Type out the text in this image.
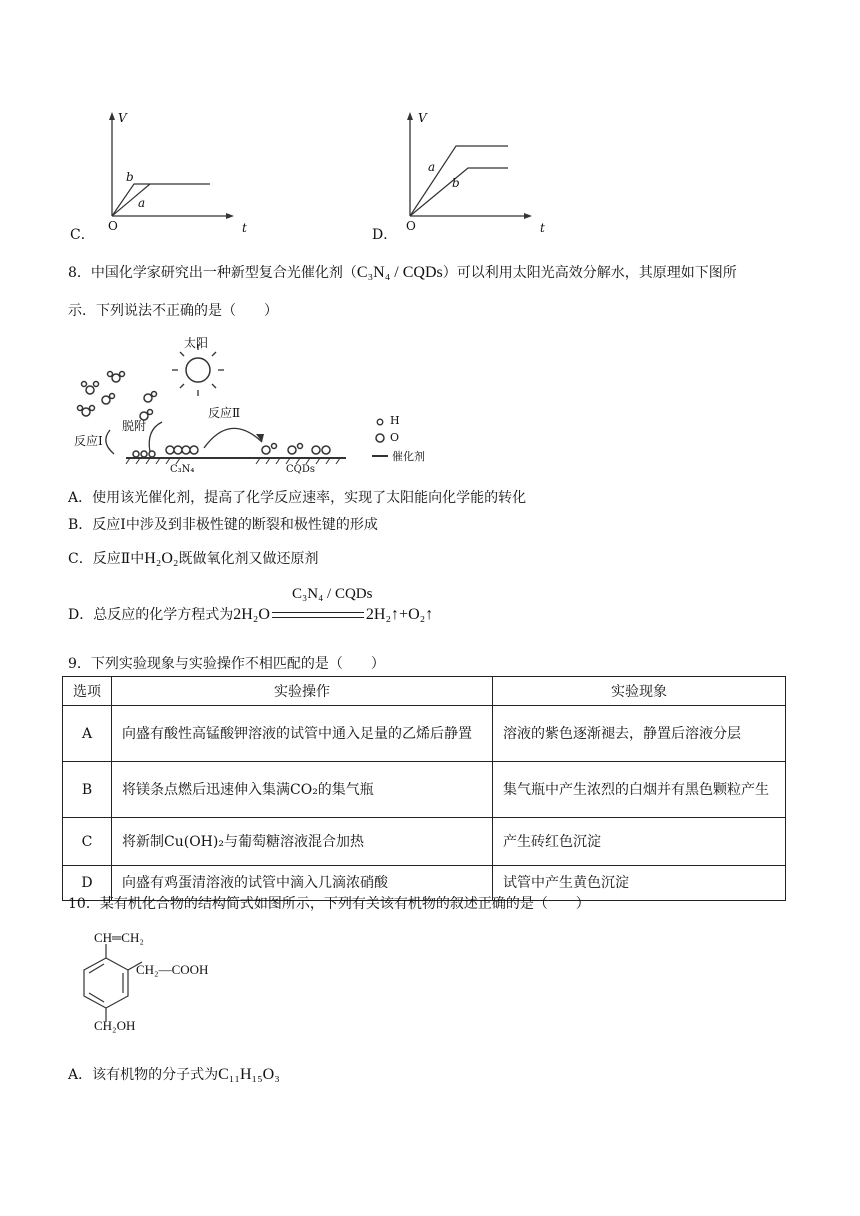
V
t
O
b
a
C．
V
t
O
a
b
D．
8．中国化学家研究出一种新型复合光催化剂（C₃N₄ / CQDs）可以利用太阳光高效分解水，其原理如下图所
示．下列说法不正确的是（　　）
太阳
脱附
反应Ⅰ
反应Ⅱ
C₃N₄	CQDs
H
O
催化剂
A．使用该光催化剂，提高了化学反应速率，实现了太阳能向化学能的转化
B．反应Ⅰ中涉及到非极性键的断裂和极性键的形成
C．反应Ⅱ中H₂O₂既做氧化剂又做还原剂
D．总反应的化学方程式为2H₂O	2H₂↑+O₂↑
C₃N₄ / CQDs
9．下列实验现象与实验操作不相匹配的是（　　）
选项	实验操作	实验现象
A	向盛有酸性高锰酸钾溶液的试管中通入足量的乙烯后静置	溶液的紫色逐渐褪去，静置后溶液分层
B	将镁条点燃后迅速伸入集满CO₂的集气瓶	集气瓶中产生浓烈的白烟并有黑色颗粒产生
C	将新制Cu(OH)₂与葡萄糖溶液混合加热	产生砖红色沉淀
D	向盛有鸡蛋清溶液的试管中滴入几滴浓硝酸	试管中产生黄色沉淀
10．某有机化合物的结构简式如图所示，下列有关该有机物的叙述正确的是（　　）
CH═CH₂
CH₂—COOH
CH₂OH
A．该有机物的分子式为C₁₁H₁₅O₃
